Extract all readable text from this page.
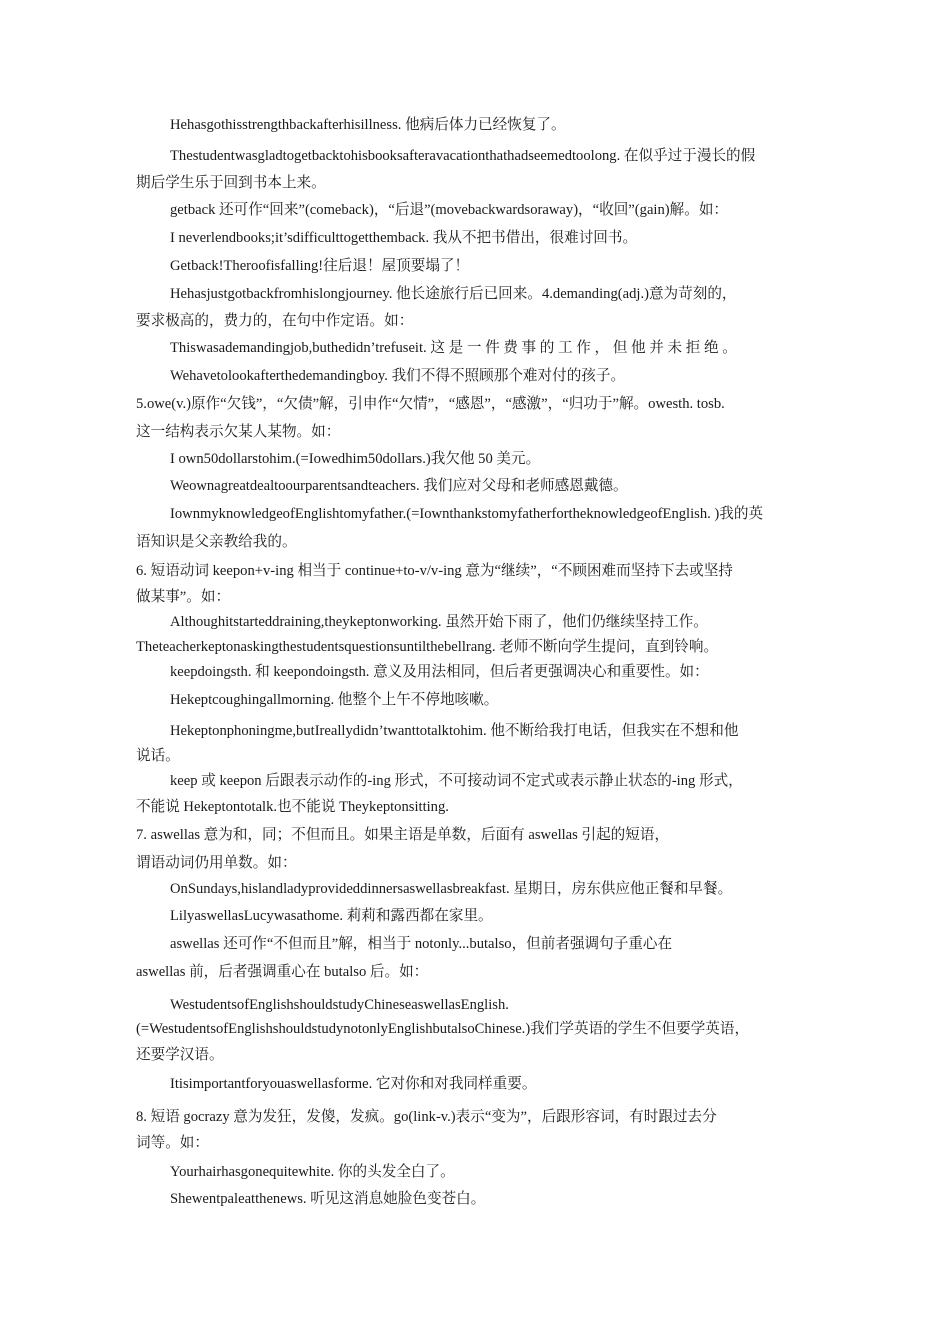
Hehasgothisstrengthbackafterhisillness. 他病后体力已经恢复了。
Thestudentwasgladtogetbacktohisbooksafteravacationthathadseemedtoolong. 在似乎过于漫长的假
期后学生乐于回到书本上来。
getback 还可作“回来”(comeback)，“后退”(movebackwardsoraway)，“收回”(gain)解。如：
I neverlendbooks;it’sdifficulttogetthemback. 我从不把书借出，很难讨回书。
Getback!Theroofisfalling!往后退！屋顶要塌了！
Hehasjustgotbackfromhislongjourney. 他长途旅行后已回来。4.demanding(adj.)意为苛刻的，
要求极高的，费力的，在句中作定语。如：
Thiswasademandingjob,buthedidn’trefuseit. 这 是 一 件 费 事 的 工 作 ， 但 他 并 未 拒 绝 。
Wehavetolookafterthedemandingboy. 我们不得不照顾那个难对付的孩子。
5.owe(v.)原作“欠钱”，“欠债”解，引申作“欠情”，“感恩”，“感激”，“归功于”解。owesth. tosb.
这一结构表示欠某人某物。如：
I own50dollarstohim.(=Iowedhim50dollars.)我欠他 50 美元。
Weownagreatdealtoourparentsandteachers. 我们应对父母和老师感恩戴德。
IownmyknowledgeofEnglishtomyfather.(=IownthankstomyfatherfortheknowledgeofEnglish. )我的英
语知识是父亲教给我的。
6. 短语动词 keepon+v-ing 相当于 continue+to-v/v-ing 意为“继续”，“不顾困难而坚持下去或坚持
做某事”。如：
Althoughitstarteddraining,theykeptonworking. 虽然开始下雨了，他们仍继续坚持工作。
Theteacherkeptonaskingthestudentsquestionsuntilthebellrang. 老师不断向学生提问，直到铃响。
keepdoingsth. 和 keepondoingsth. 意义及用法相同，但后者更强调决心和重要性。如：
Hekeptcoughingallmorning. 他整个上午不停地咳嗽。
Hekeptonphoningme,butIreallydidn’twanttotalktohim. 他不断给我打电话，但我实在不想和他
说话。
keep 或 keepon 后跟表示动作的-ing 形式，不可接动词不定式或表示静止状态的-ing 形式，
不能说 Hekeptontotalk.也不能说 Theykeptonsitting.
7. aswellas 意为和，同；不但而且。如果主语是单数，后面有 aswellas 引起的短语，
谓语动词仍用单数。如：
OnSundays,hislandladyprovideddinnersaswellasbreakfast. 星期日，房东供应他正餐和早餐。
LilyaswellasLucywasathome. 莉莉和露西都在家里。
aswellas 还可作“不但而且”解，相当于 notonly...butalso，但前者强调句子重心在
aswellas 前，后者强调重心在 butalso 后。如：
WestudentsofEnglishshouldstudyChineseaswellasEnglish.
(=WestudentsofEnglishshouldstudynotonlyEnglishbutalsoChinese.)我们学英语的学生不但要学英语，
还要学汉语。
Itisimportantforyouaswellasforme. 它对你和对我同样重要。
8. 短语 gocrazy 意为发狂，发傻，发疯。go(link-v.)表示“变为”，后跟形容词，有时跟过去分
词等。如：
Yourhairhasgonequitewhite. 你的头发全白了。
Shewentpaleatthenews. 听见这消息她脸色变苍白。
